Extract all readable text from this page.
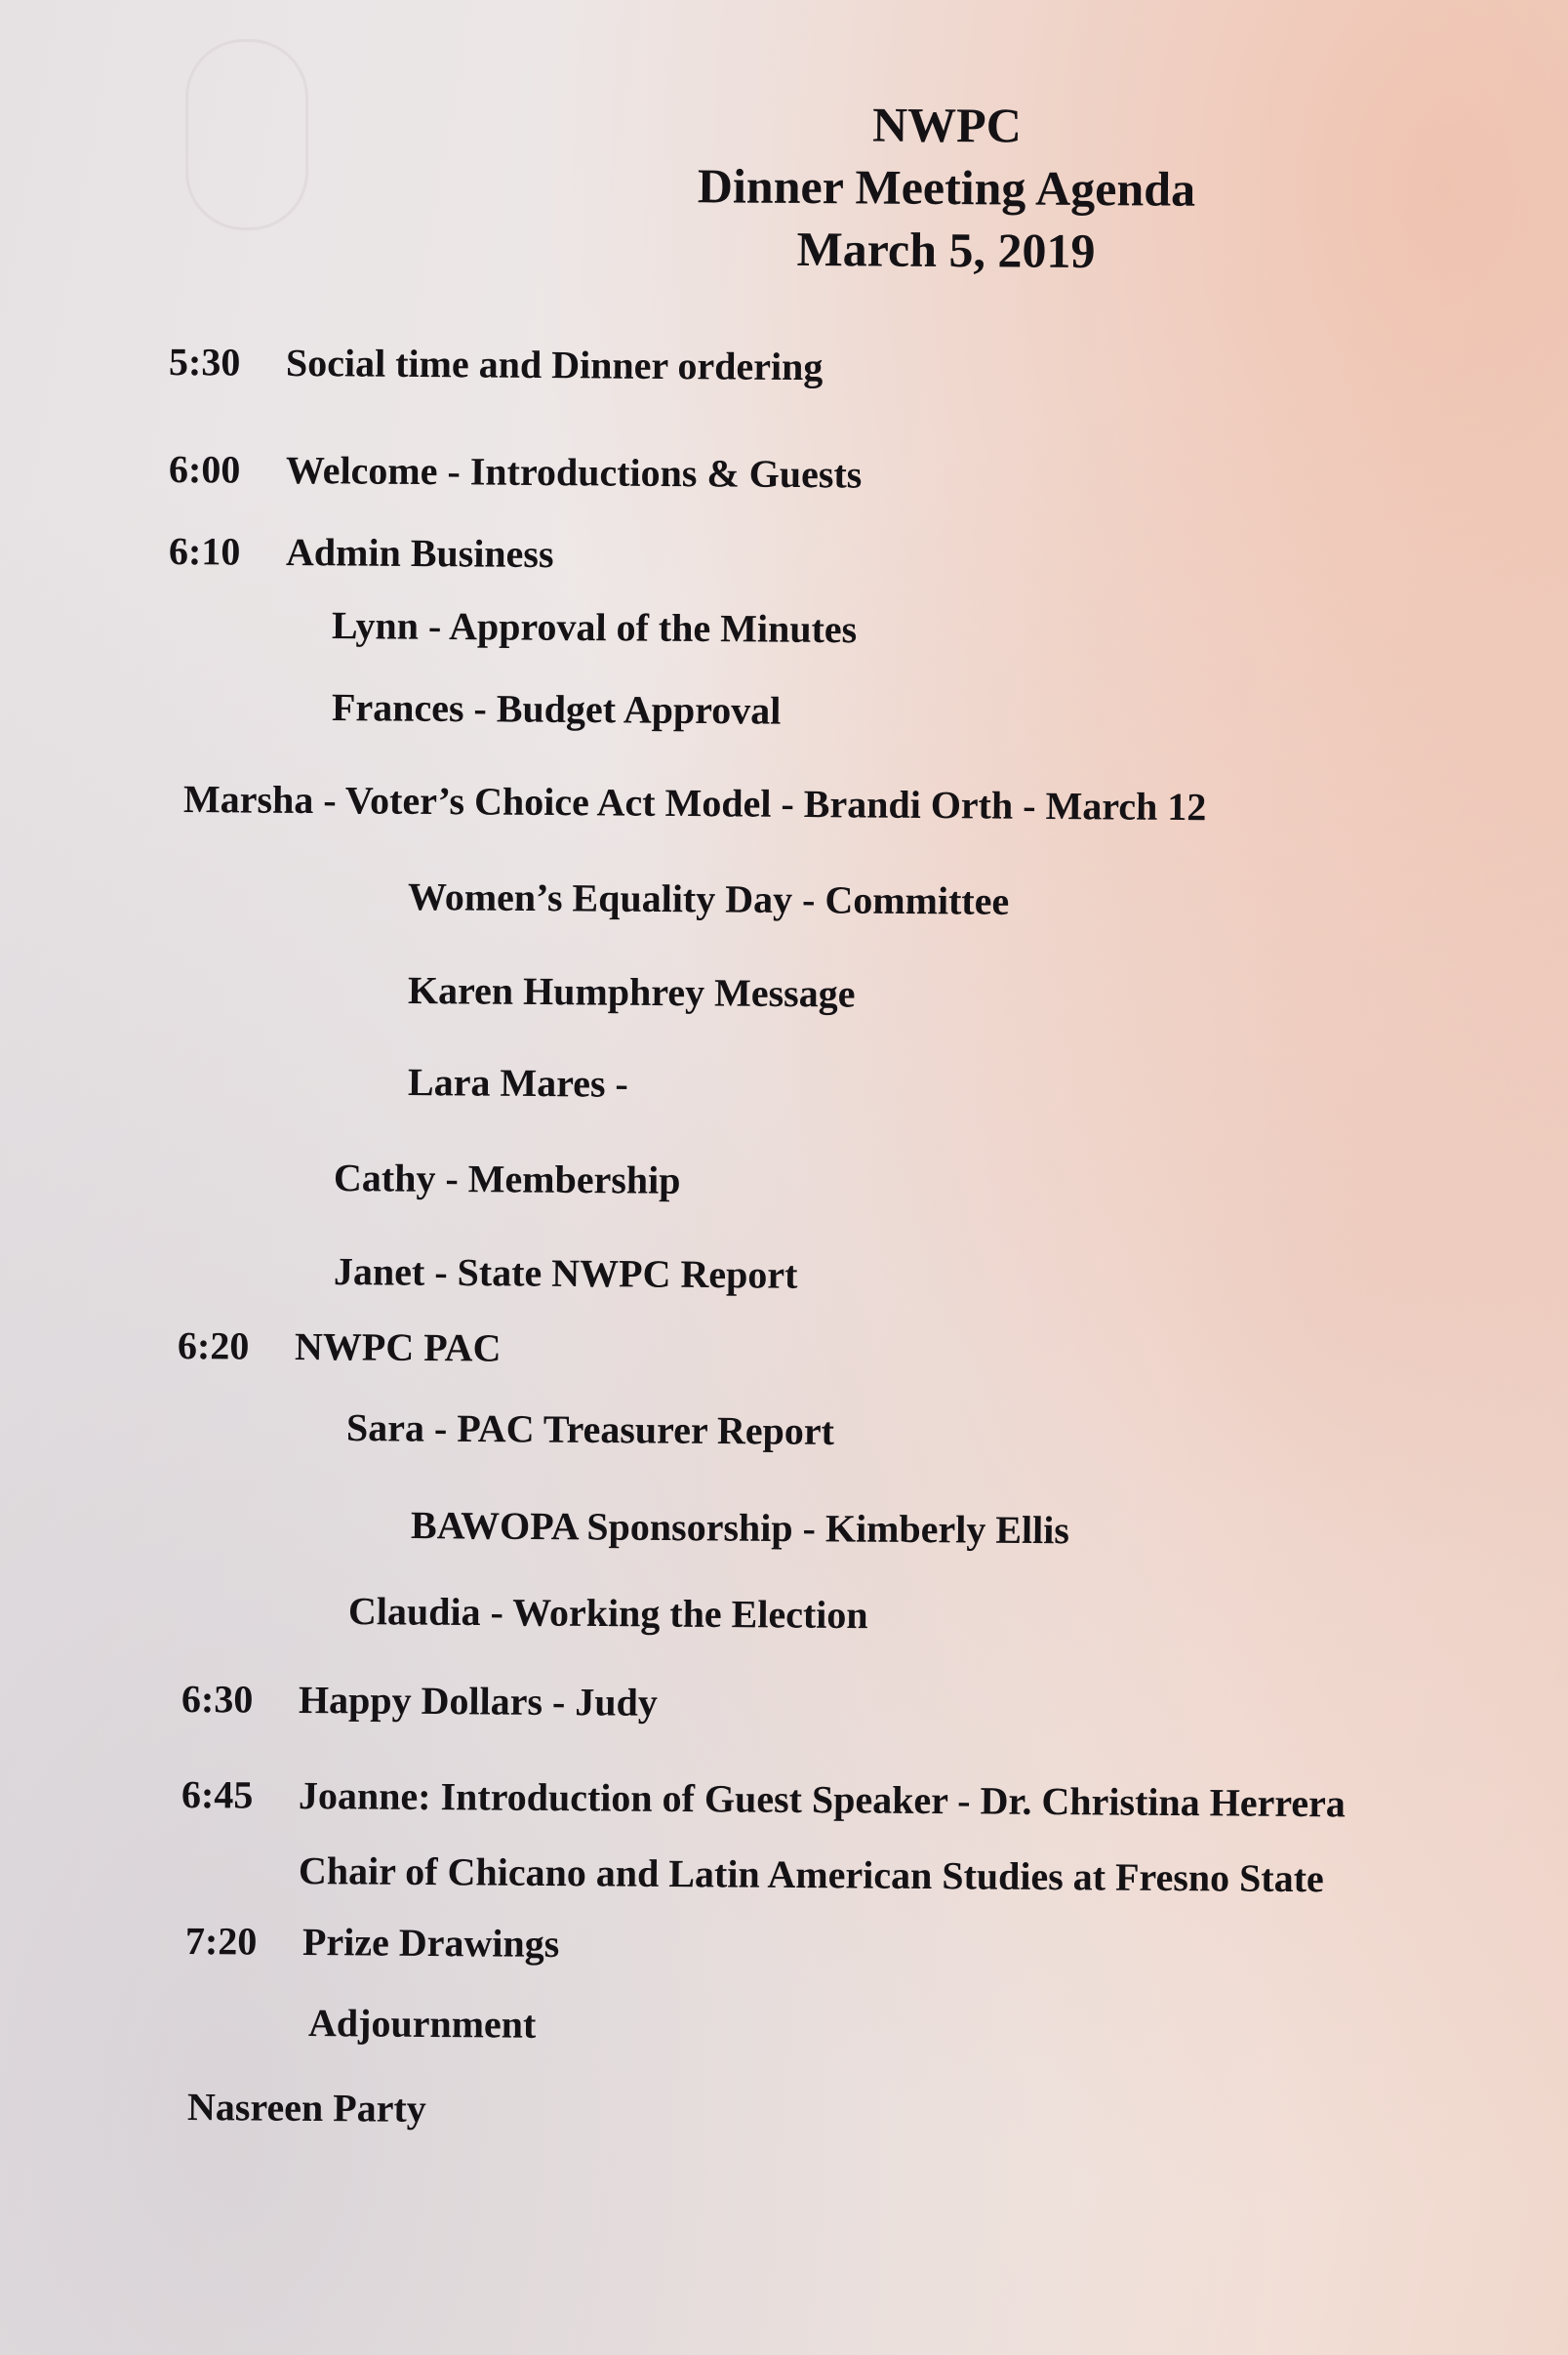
NWPC
Dinner Meeting Agenda
March 5, 2019
5:30 Social time and Dinner ordering
6:00 Welcome - Introductions & Guests
6:10 Admin Business
Lynn - Approval of the Minutes
Frances - Budget Approval
Marsha - Voter’s Choice Act Model - Brandi Orth - March 12
Women’s Equality Day - Committee
Karen Humphrey Message
Lara Mares -
Cathy - Membership
Janet - State NWPC Report
6:20 NWPC PAC
Sara - PAC Treasurer Report
BAWOPA Sponsorship - Kimberly Ellis
Claudia - Working the Election
6:30 Happy Dollars - Judy
6:45 Joanne: Introduction of Guest Speaker - Dr. Christina Herrera
Chair of Chicano and Latin American Studies at Fresno State
7:20 Prize Drawings
Adjournment
Nasreen Party
